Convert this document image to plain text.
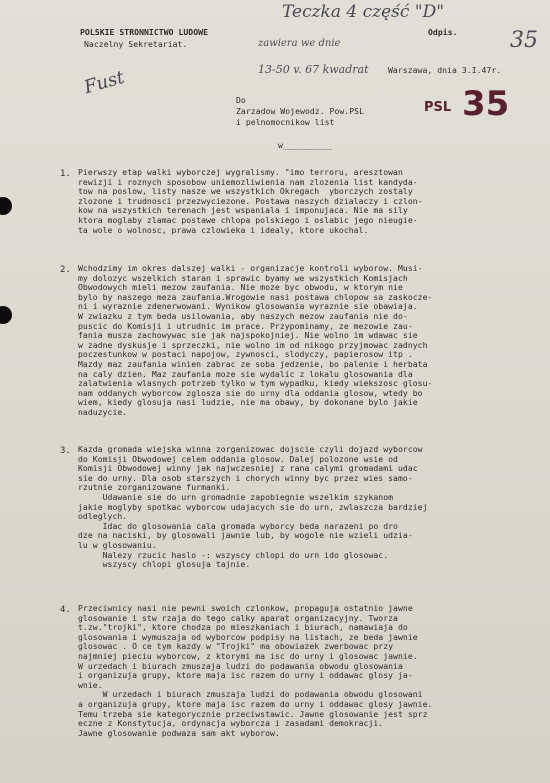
POLSKIE STRONNICTWO LUDOWE
Naczelny Sekretariat.
Odpis.
Warszawa, dnia 3.I.47r.
Teczka 4 część "D"
zawiera we dnie
13-50 v. 67 kwadrat
Fust
35
PSL 35
Do
Zarzadow Wojewodz. Pow.PSL
i pelnomocnikow list
w__________
1. Pierwszy etap walki wyborczej wygralismy. "imo terroru, aresztowan
rewizji i roznych sposobow uniemozliwienia nam zlozenia list kandyda-
tow na poslow, listy nasze we wszystkich Okregach  yborczych zostaly
zlozone i trudnosci przezwyciezone. Postawa naszych dzialaczy i czlon-
kow na wszystkich terenach jest wspaniala i imponujaca. Nie ma sily
ktora moglaby zlamac postawe chlopa polskiego i oslabic jego nieugie-
ta wole o wolnosc, prawa czlowieka i idealy, ktore ukochal.
2. Wchodzimy im okres dalszej walki - organizacje kontroli wyborow. Musi-
my dolozyc wszelkich staran i sprawic byamy we wszystkich Komisjach
Obwodowych mieli mezow zaufania. Nie moze byc obwodu, w ktorym nie
bylo by naszego meza zaufania.Wrogowie nasi postawa chlopow sa zaskocze-
ni i wyraznie zdenerwowani. Wynikow glosowania wyraznie sie obawiaja.
W zwiazku z tym beda usilowania, aby naszych mezow zaufania nie do-
puscic do Komisji i utrudnic im prace. Przypominamy, ze mezowie zau-
fania musza zachowywac sie jak najspokojniej. Nie wolno im wdawac sie
w zadne dyskusje i sprzeczki, nie wolno im od nikogo przyjmowac zadnych
poczestunkow w postaci napojow, zywnosci, slodyczy, papierosow itp .
Mazdy maz zaufania winien zabrac ze soba jedzenie, bo palenie i herbata
na caly dzien. Maz zaufania moze sie wydalic z lokalu glosowania dla
zalatwienia wlasnych potrzeb tylko w tym wypadku, kiedy wiekszosc glosu-
nam oddanych wyborcow zglosza sie do urny dla oddania glosow, wtedy bo
wiem, kiedy glosuja nasi ludzie, nie ma obawy, by dokonane bylo jakie
naduzycie.
3. Kazda gromada wiejska winna zorganizowac dojscie czyli dojazd wyborcow
do Komisji Obwodowej celem oddania glosow. Dalej polozone wsie od
Komisji Obwodowej winny jak najwczesniej z rana calymi gromadami udac
sie do urny. Dla osob starszych i chorych winny byc przez wies samo-
rzutnie zorganizowane furmanki.
Udawanie sie do urn gromadnie zapobiegnie wszelkim szykanom
jakie moglyby spotkac wyborcow udajacych sie do urn, zwlaszcza bardziej
odleglych.
Idac do glosowania cala gromada wyborcy beda narazeni po dro
dze na naciski, by glosowali jawnie lub, by wogole nie wzieli udzia-
lu w glosowaniu.
Nalezy rzucic haslo -: wszyscy chlopi do urn ido glosowac.
wszyscy chlopi glosuja tajnie.
4. Przeciwnicy nasi nie pewni swoich czlonkow, propaguja ostatnio jawne
glosowanie i stw rzaja do tego calky aparat organizacyjny. Tworza
t.zw."trojki", ktore chodza po mieszkaniach i biurach, namawiaja do
glosowania i wymuszaja od wyborcow podpisy na listach, ze beda jawnie
glosowac . O ce tym kazdy w "Trojki" ma obowiazek zwerbowac przy
najmniej pieciu wyborcow, z ktorymi ma isc do urny i glosowac jawnie.
W urzedach i biurach zmuszaja ludzi do podawania obwodu glosowania
i organizuja grupy, ktore maja isc razem do urny i oddawac glosy ja-
wnie.
W urzedach i biurach zmuszaja ludzi do podawania obwodu glosowani
a organizuja grupy, ktore maja isc razem do urny i oddawac glosy jawnie.
Temu trzeba sie kategorycznie przeciwstawic. Jawne glosowanie jest sprz
eczne z Konstytucja, ordynacja wyborcza i zasadami demokracji.
Jawne glosowanie podwaza sam akt wyborow.
